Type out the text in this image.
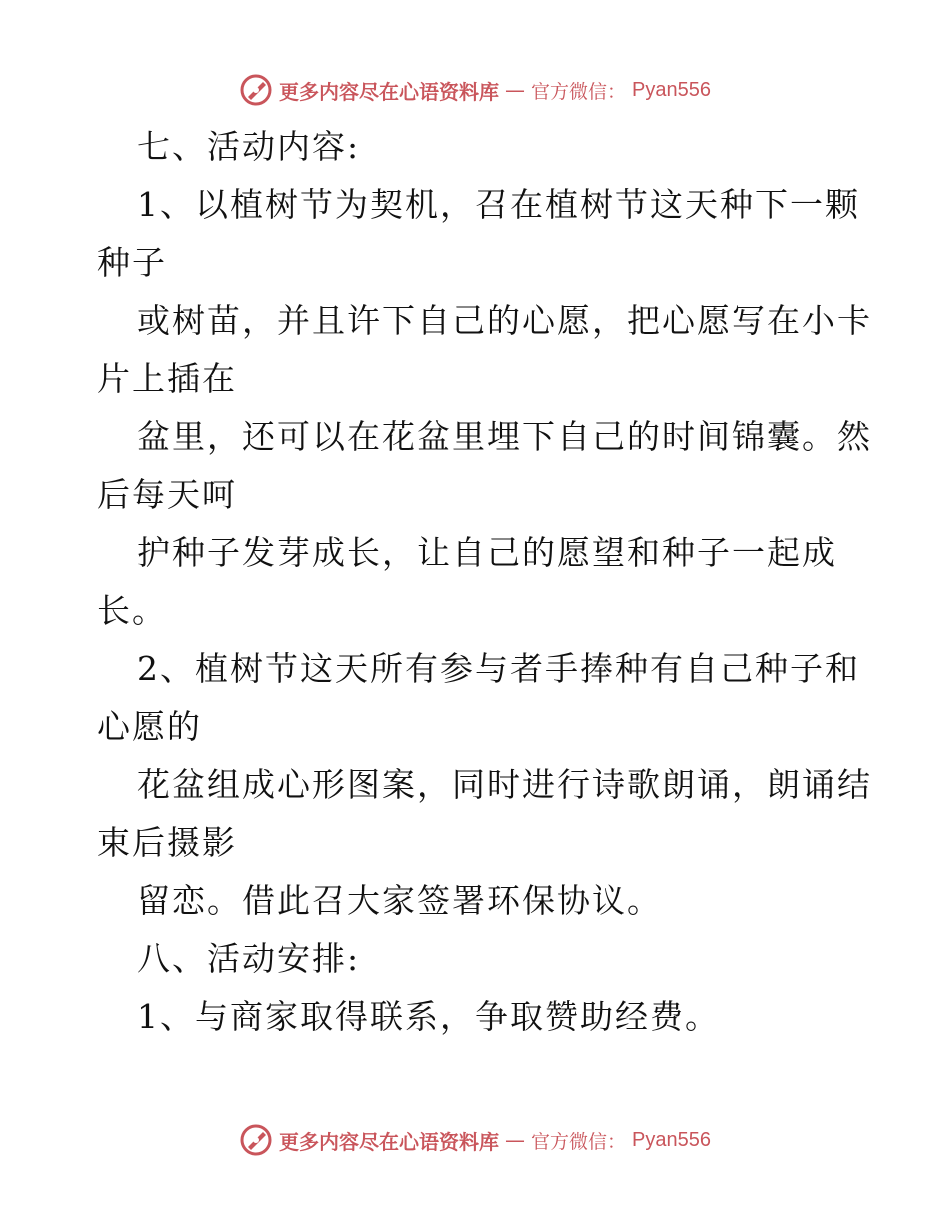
更多内容尽在心语资料库 — 官方微信： Pyan556
七、活动内容:
1、以植树节为契机，召在植树节这天种下一颗
种子
或树苗，并且许下自己的心愿，把心愿写在小卡
片上插在
盆里，还可以在花盆里埋下自己的时间锦囊。然
后每天呵
护种子发芽成长，让自己的愿望和种子一起成
长。
2、植树节这天所有参与者手捧种有自己种子和
心愿的
花盆组成心形图案，同时进行诗歌朗诵，朗诵结
束后摄影
留恋。借此召大家签署环保协议。
八、活动安排:
1、与商家取得联系，争取赞助经费。
更多内容尽在心语资料库 — 官方微信： Pyan556
